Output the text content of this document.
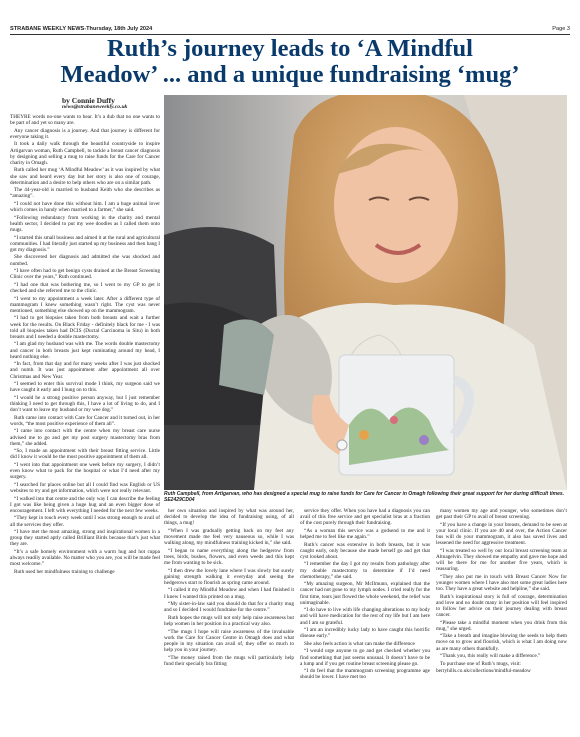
STRABANE WEEKLY NEWS-Thursday, 18th July 2024	Page 3
Ruth’s journey leads to ‘A Mindful
Meadow’ ... and a unique fundraising ‘mug’
by Connie Duffy
news@strabaneweekly.co.uk

THEYRE words no-one wants to hear. It’s a dub that no one wants to be part of and yet so many are.

Any cancer diagnosis is a journey. And that journey is different for everyone taking it.

It took a daily walk through the beautiful countryside to inspire Artigarvan woman, Ruth Campbell, to tackle a breast cancer diagnosis by designing and selling a mug to raise funds for the Care for Cancer charity in Omagh.

Ruth called her mug ‘A Mindful Meadow’ as it was inspired by what she saw and heard every day but her story is also one of courage, determination and a desire to help others who are on a similar path.

The 44-year-old is married to husband Keith who she describes as “amazing”.

“I could not have done this without him. I am a huge animal lover which comes in handy when married to a farmer,” she said.

“Following redundancy from working in the charity and mental health sector, I decided to put my wee doodles as I called them onto mugs.

“I started this small business and aimed it at the rural and agricultural communities. I had literally just started up my business and then bang I got my diagnosis.”

She discovered her diagnosis and admitted she was shocked and numbed.

“I have often had to get benign cysts drained at the Breast Screening Clinic over the years,” Ruth continued.

“I had one that was bothering me, so I went to my GP to get it checked and she referred me to the clinic.

“I went to my appointment a week later. After a different type of mammogram I knew something wasn’t right. The cyst was never mentioned, something else showed up on the mammogram.

“I had to get biopsies taken from both breasts and wait a further week for the results. On Black Friday - definitely black for me - I was told all biopsies taken had DCIS (Ductal Carcinoma in Situ) in both breasts and I needed a double mastectomy.

“I am glad my husband was with me. The words double mastectomy and cancer in both breasts just kept ruminating around my head, I heard nothing else.

“In fact, from that day and for many weeks after I was just shocked and numb. It was just appointment after appointment all over Christmas and New Year.

“I seemed to enter this survival mode I think, my surgeon said we have caught it early and I hung on to this.

“I would be a strong positive person anyway, but I just remember thinking I need to get through this, I have a lot of living to do, and I don’t want to leave my husband or my wee dog.”

Ruth came into contact with Care for Cancer and it turned out, in her words, “the most positive experience of them all”.

“I came into contact with the centre when my breast care nurse advised me to go and get my post surgery mastectomy bras from them,” she added.

“So, I made an appointment with their breast fitting service. Little did I know it would be the most positive appointment of them all.

“I went into that appointment one week before my surgery, I didn’t even know what to pack for the hospital or what I’d need after my surgery.

“I searched for places online but all I could find was English or US websites to try and get information, which were not really relevant.

“I walked into that centre and the only way I can describe the feeling I got was like being given a huge hug and an even bigger dose of encouragement. I left with everything I needed for the next few weeks.

“They kept in touch every week until I was strong enough to avail of all the services they offer.

“I have met the most amazing, strong and inspirational women in a group they started aptly called Brilliant Birds because that’s just what they are.

“It’s a safe homely environment with a warm hug and hot cuppa always readily available. No matter who you are, you will be made feel most welcome.”

Ruth used her mindfulness training to challenge

Ruth Campbell, from Artigarvan, who has designed a special mug to raise funds for Care for Cancer in Omagh following their great support for her during difficult times. SE2429CD04

her own situation and inspired by what was around her, decided to develop the idea of fundraising using, of all things, a mug!

“When I was gradually getting back on my feet any movement made me feel very nauseous so, while I was walking along, my mindfulness training kicked in,” she said.

“I began to name everything along the hedgerow from trees, birds, bushes, flowers, and even weeds and this kept me from wanting to be sick.

“I then drew the lovely lane where I was slowly but surely gaining strength walking it everyday and seeing the hedgerows start to flourish as spring came around.

“I called it my Mindful Meadow and when I had finished it I knew I wanted this printed on a mug.

“My sister-in-law said you should do that for a charity mug and so I decided I would fundraise for the centre.”

Ruth hopes the mugs will not only help raise awareness but help women in her position in a practical way also.

“The mugs I hope will raise awareness of the invaluable work the Care for Cancer Centre in Omagh does and what people in my situation can avail of, they offer so much to help you in your journey.

“The money raised from the mugs will particularly help fund their specially bra fitting

service they offer. When you have had a diagnosis you can avail of this free service and get specialist bras at a fraction of the cost purely through their fundraising.

“As a woman this service was a godsend to me and it helped me to feel like me again.”

Ruth’s cancer was extensive in both breasts, but it was caught early, only because she made herself go and get that cyst looked about.

“I remember the day I got my results from pathology after my double mastectomy to determine if I’d need chemotherapy,” she said.

“My amazing surgeon, Mr McIlmunn, explained that the cancer had not gone to my lymph nodes. I cried really for the first time, tears just flowed the whole weekend, the relief was unimaginable.

“I do have to live with life changing alterations to my body and will have medication for the rest of my life but I am here and I am so grateful.

“I am an incredibly lucky lady to have caught this horrific disease early.”

She also feels action is what can make the difference

“I would urge anyone to go and get checked whether you find something that just seems unusual. It doesn’t have to be a lump and if you get routine breast screening please go.

“I do feel that the mammogram screening programme age should be lower. I have met too

many women my age and younger, who sometimes don’t get past their GP to avail of breast screening.

“If you have a change in your breasts, demand to be seen at your local clinic. If you are 40 and over, the Action Cancer bus will do your mammogram, it also has saved lives and lessened the need for aggressive treatment.

“I was treated so well by our local breast screening team at Altnagelvin. They showed me empathy and gave me hope and will be there for me for another five years, which is reassuring.

“They also put me in touch with Breast Cancer Now for younger women where I have also met some great ladies here too. They have a great website and helpline,” she said.

Ruth’s inspirational story is full of courage, determination and love and no doubt many in her position will feel inspired to follow her advice on their journey dealing with breast cancer.

“Please take a mindful moment when you drink from this mug,” she urged.

“Take a breath and imagine blowing the seeds to help them move on to grow and flourish, which is what I am doing now as are many others thankfully.

“Thank you, this really will make a difference.”

To purchase one of Ruth’s mugs, visit:

berryhills.co.uk/collections/mindful-meadow
